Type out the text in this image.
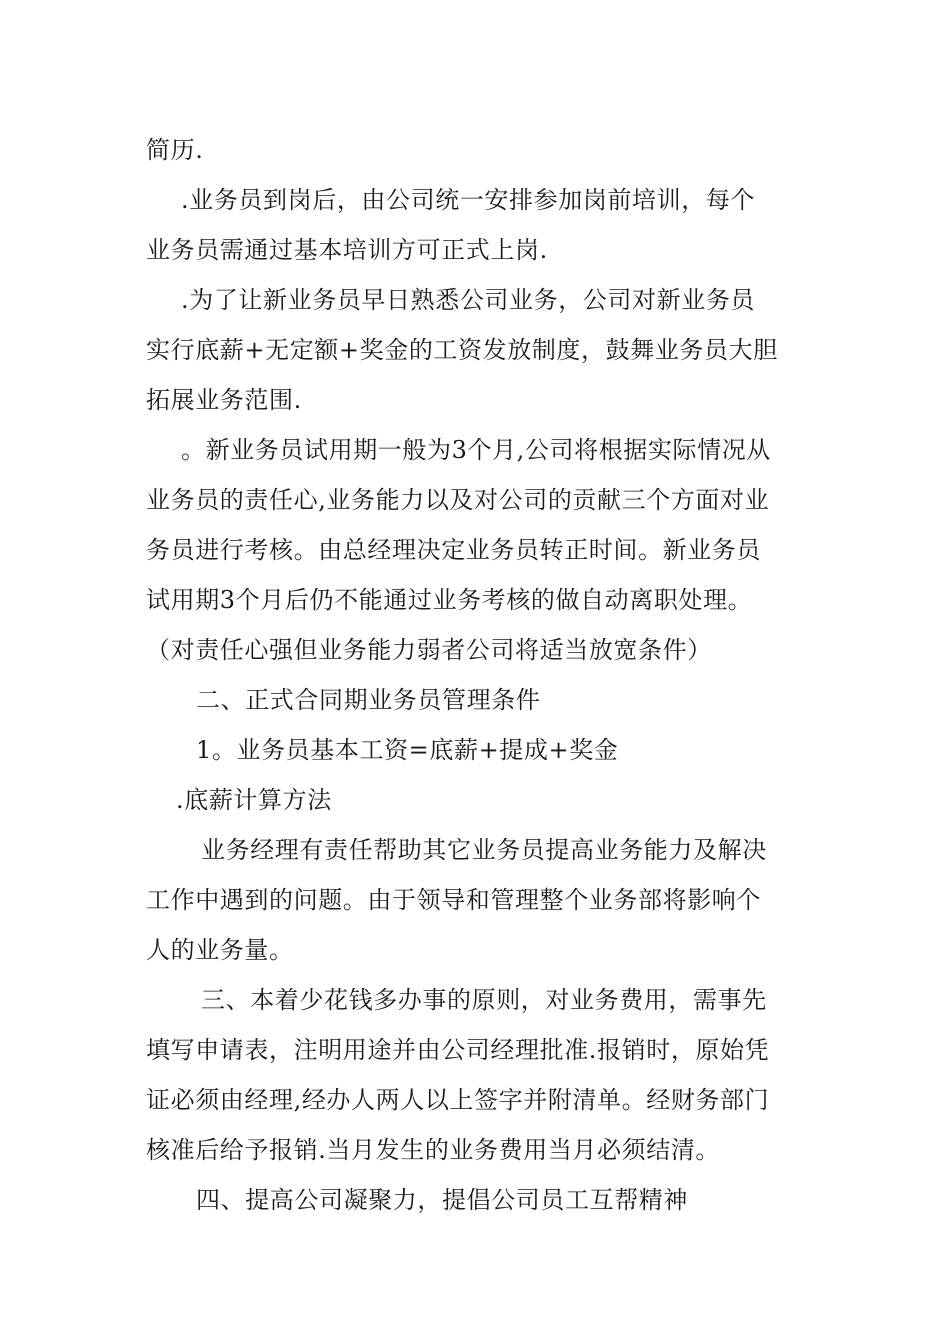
简历.
.业务员到岗后，由公司统一安排参加岗前培训，每个
业务员需通过基本培训方可正式上岗.
.为了让新业务员早日熟悉公司业务，公司对新业务员
实行底薪+无定额+奖金的工资发放制度，鼓舞业务员大胆
拓展业务范围.
。新业务员试用期一般为3个月,公司将根据实际情况从
业务员的责任心,业务能力以及对公司的贡献三个方面对业
务员进行考核。由总经理决定业务员转正时间。新业务员
试用期3个月后仍不能通过业务考核的做自动离职处理。
（对责任心强但业务能力弱者公司将适当放宽条件）
二、正式合同期业务员管理条件
1。业务员基本工资=底薪+提成+奖金
.底薪计算方法
业务经理有责任帮助其它业务员提高业务能力及解决
工作中遇到的问题。由于领导和管理整个业务部将影响个
人的业务量。
三、本着少花钱多办事的原则，对业务费用，需事先
填写申请表，注明用途并由公司经理批准.报销时，原始凭
证必须由经理,经办人两人以上签字并附清单。经财务部门
核准后给予报销.当月发生的业务费用当月必须结清。
四、提高公司凝聚力，提倡公司员工互帮精神
